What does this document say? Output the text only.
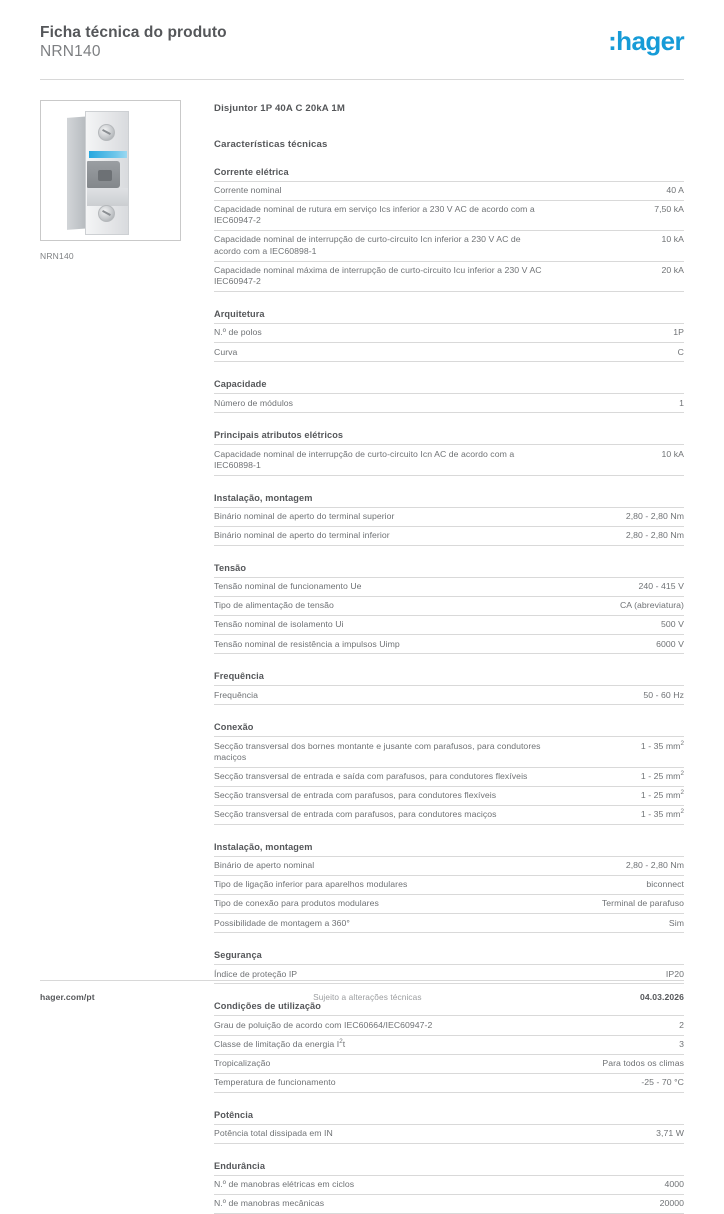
Ficha técnica do produto
NRN140	:hager
NRN140
Disjuntor 1P 40A C 20kA 1M
Características técnicas
Corrente elétrica
Corrente nominal	40 A
Capacidade nominal de rutura em serviço Ics inferior a 230 V AC de acordo com a IEC60947-2	7,50 kA
Capacidade nominal de interrupção de curto-circuito Icn inferior a 230 V AC de acordo com a IEC60898-1	10 kA
Capacidade nominal máxima de interrupção de curto-circuito Icu inferior a 230 V AC IEC60947-2	20 kA
Arquitetura
N.º de polos	1P
Curva	C
Capacidade
Número de módulos	1
Principais atributos elétricos
Capacidade nominal de interrupção de curto-circuito Icn AC de acordo com a IEC60898-1	10 kA
Instalação, montagem
Binário nominal de aperto do terminal superior	2,80 - 2,80 Nm
Binário nominal de aperto do terminal inferior	2,80 - 2,80 Nm
Tensão
Tensão nominal de funcionamento Ue	240 - 415 V
Tipo de alimentação de tensão	CA (abreviatura)
Tensão nominal de isolamento Ui	500 V
Tensão nominal de resistência a impulsos Uimp	6000 V
Frequência
Frequência	50 - 60 Hz
Conexão
Secção transversal dos bornes montante e jusante com parafusos, para condutores maciços	1 - 35 $mm^2$
Secção transversal de entrada e saída com parafusos, para condutores flexíveis	1 - 25 $mm^2$
Secção transversal de entrada com parafusos, para condutores flexíveis	1 - 25 $mm^2$
Secção transversal de entrada com parafusos, para condutores maciços	1 - 35 $mm^2$
Instalação, montagem
Binário de aperto nominal	2,80 - 2,80 Nm
Tipo de ligação inferior para aparelhos modulares	biconnect
Tipo de conexão para produtos modulares	Terminal de parafuso
Possibilidade de montagem a 360°	Sim
Segurança
Índice de proteção IP	IP20
Condições de utilização
Grau de poluição de acordo com IEC60664/IEC60947-2	2
Classe de limitação da energia $I^2t$	3
Tropicalização	Para todos os climas
Temperatura de funcionamento	-25 - 70 °C
Potência
Potência total dissipada em IN	3,71 W
Endurância
N.º de manobras elétricas em ciclos	4000
N.º de manobras mecânicas	20000
hager.com/pt	Sujeito a alterações técnicas	04.03.2026
